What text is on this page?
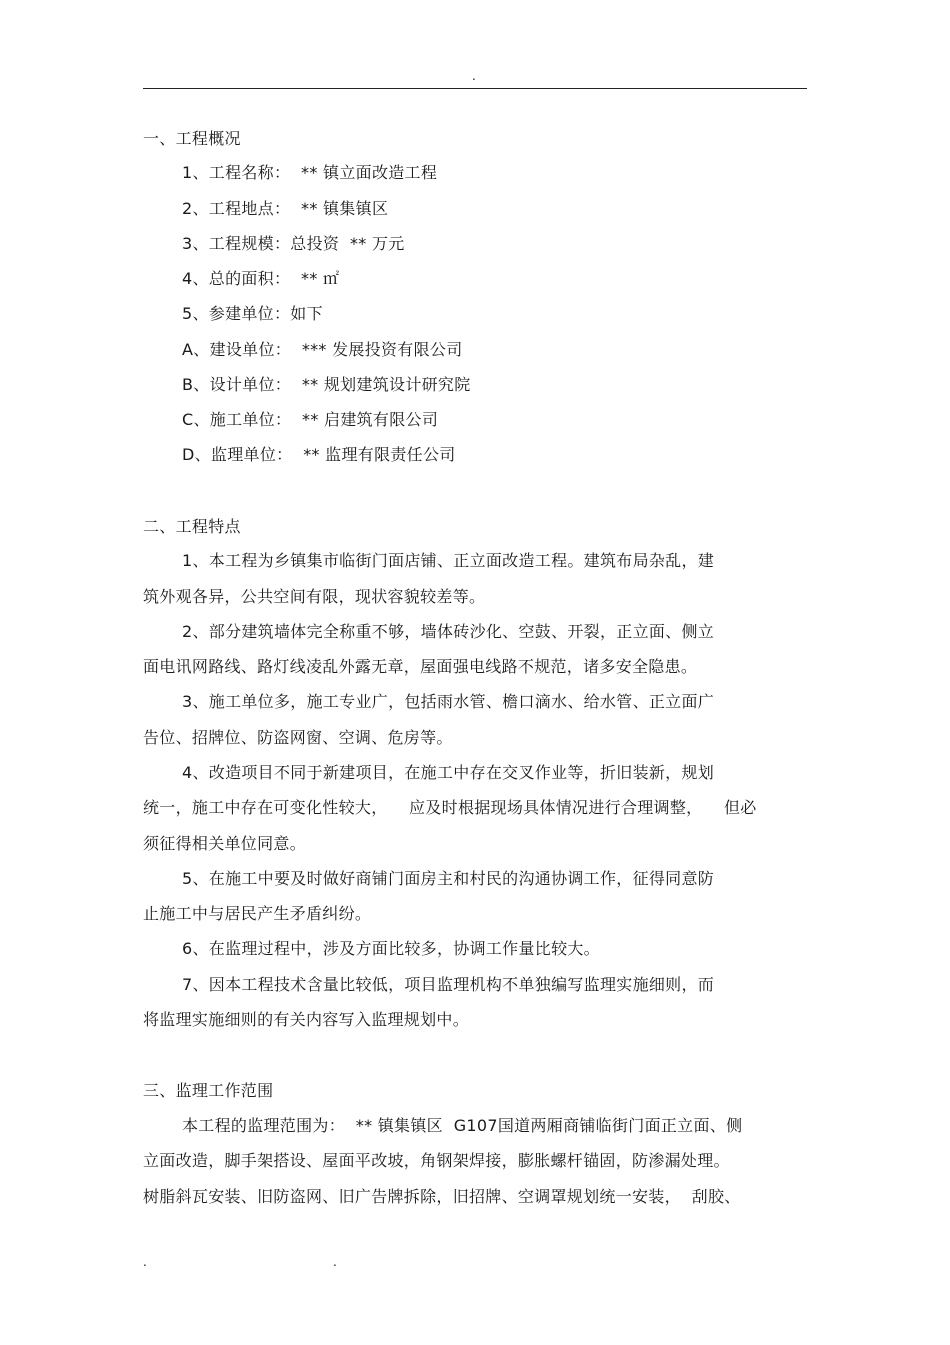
.
一、工程概况
1、工程名称：  ** 镇立面改造工程
2、工程地点：  ** 镇集镇区
3、工程规模：总投资  ** 万元
4、总的面积：  ** ㎡
5、参建单位：如下
A、建设单位：  *** 发展投资有限公司
B、设计单位：  ** 规划建筑设计研究院
C、施工单位：  ** 启建筑有限公司
D、监理单位：  ** 监理有限责任公司
二、工程特点
1、本工程为乡镇集市临街门面店铺、正立面改造工程。建筑布局杂乱，建
筑外观各异，公共空间有限，现状容貌较差等。
2、部分建筑墙体完全称重不够，墙体砖沙化、空鼓、开裂，正立面、侧立
面电讯网路线、路灯线凌乱外露无章，屋面强电线路不规范，诸多安全隐患。
3、施工单位多，施工专业广，包括雨水管、檐口滴水、给水管、正立面广
告位、招牌位、防盗网窗、空调、危房等。
4、改造项目不同于新建项目，在施工中存在交叉作业等，折旧装新，规划
统一，施工中存在可变化性较大，    应及时根据现场具体情况进行合理调整，    但必
须征得相关单位同意。
5、在施工中要及时做好商铺门面房主和村民的沟通协调工作，征得同意防
止施工中与居民产生矛盾纠纷。
6、在监理过程中，涉及方面比较多，协调工作量比较大。
7、因本工程技术含量比较低，项目监理机构不单独编写监理实施细则，而
将监理实施细则的有关内容写入监理规划中。
三、监理工作范围
本工程的监理范围为：  ** 镇集镇区  G107国道两厢商铺临街门面正立面、侧
立面改造，脚手架搭设、屋面平改坡，角钢架焊接，膨胀螺杆锚固，防渗漏处理。
树脂斜瓦安装、旧防盗网、旧广告牌拆除，旧招牌、空调罩规划统一安装，  刮胶、
.	.
